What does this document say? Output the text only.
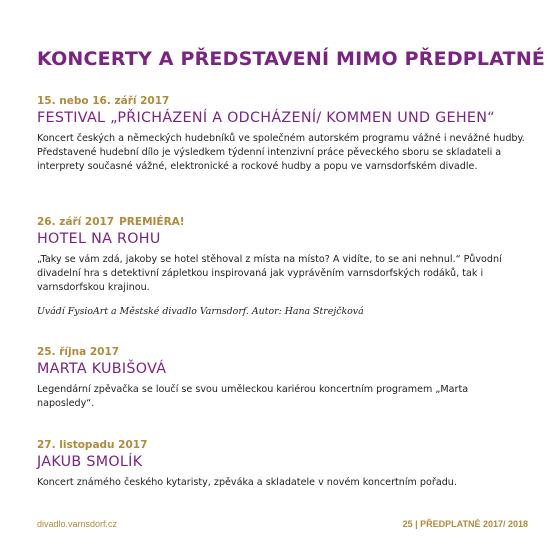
KONCERTY A PŘEDSTAVENÍ MIMO PŘEDPLATNÉ
15. nebo 16. září 2017
FESTIVAL „PŘICHÁZENÍ A ODCHÁZENÍ/ KOMMEN UND GEHEN“
Koncert českých a německých hudebníků ve společném autorském programu vážné i nevážné hudby. Představené hudební dílo je výsledkem týdenní intenzivní práce pěveckého sboru se skladateli a interprety současné vážné, elektronické a rockové hudby a popu ve varnsdorfském divadle.
26. září 2017 PREMIÉRA!
HOTEL NA ROHU
„Taky se vám zdá, jakoby se hotel stěhoval z místa na místo? A vidíte, to se ani nehnul.“ Původní divadelní hra s detektivní zápletkou inspirovaná jak vyprávěním varnsdorfských rodáků, tak i varnsdorfskou krajinou.
Uvádí FysioArt a Městské divadlo Varnsdorf. Autor: Hana Strejčková
25. října 2017
MARTA KUBIŠOVÁ
Legendární zpěvačka se loučí se svou uměleckou kariérou koncertním programem „Marta naposledy“.
27. listopadu 2017
JAKUB SMOLÍK
Koncert známého českého kytaristy, zpěváka a skladatele v novém koncertním pořadu.
divadlo.varnsdorf.cz	25 | PŘEDPLATNÉ 2017/ 2018
